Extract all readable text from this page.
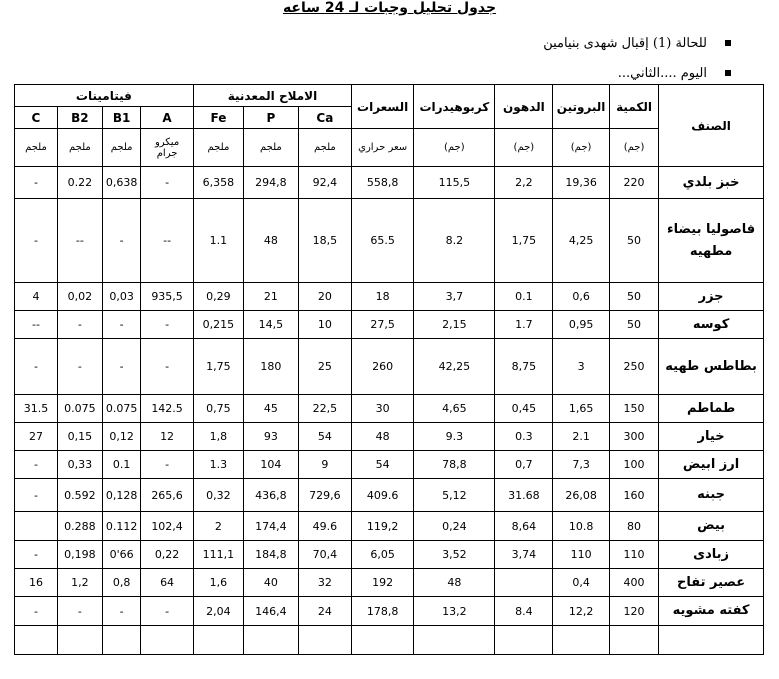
جدول تحليل وجبات لـ 24 ساعه
للحالة (1) إقبال شهدى بنيامين
اليوم ....الثاني...
الصنف	الكمية	البروتين	الدهون	كربوهيدرات	السعرات	الاملاح المعدنية			فيتامينات			
						Ca	P	Fe	A	B1	B2	C
	(جم)	(جم)	(جم)	(جم)	سعر حراري	ملجم	ملجم	ملجم	ميكرو جرام	ملجم	ملجم	ملجم
خبز بلدي	220	19,36	2,2	115,5	558,8	92,4	294,8	6,358	-	0,638	0.22	-
فاصوليا بيضاء مطهيه	50	4,25	1,75	8.2	65.5	18,5	48	1.1	--	-	--	-
جزر	50	0,6	0.1	3,7	18	20	21	0,29	935,5	0,03	0,02	4
كوسه	50	0,95	1.7	2,15	27,5	10	14,5	0,215	-	-	-	--
بطاطس طهيه	250	3	8,75	42,25	260	25	180	1,75	-	-	-	-
طماطم	150	1,65	0,45	4,65	30	22,5	45	0,75	142.5	0.075	0.075	31.5
خيار	300	2.1	0.3	9.3	48	54	93	1,8	12	0,12	0,15	27
ارز ابيض	100	7,3	0,7	78,8	54	9	104	1.3	-	0.1	0,33	-
جبنه	160	26,08	31.68	5,12	409.6	729,6	436,8	0,32	265,6	0,128	0.592	-
بيض	80	10.8	8,64	0,24	119,2	49.6	174,4	2	102,4	0.112	0.288	
زبادى	110	110	3,74	3,52	6,05	70,4	184,8	111,1	0,22	66'0	0,198	-
عصير تفاح	400	0,4		48	192	32	40	1,6	64	0,8	1,2	16
كفته مشويه	120	12,2	8.4	13,2	178,8	24	146,4	2,04	-	-	-	-
